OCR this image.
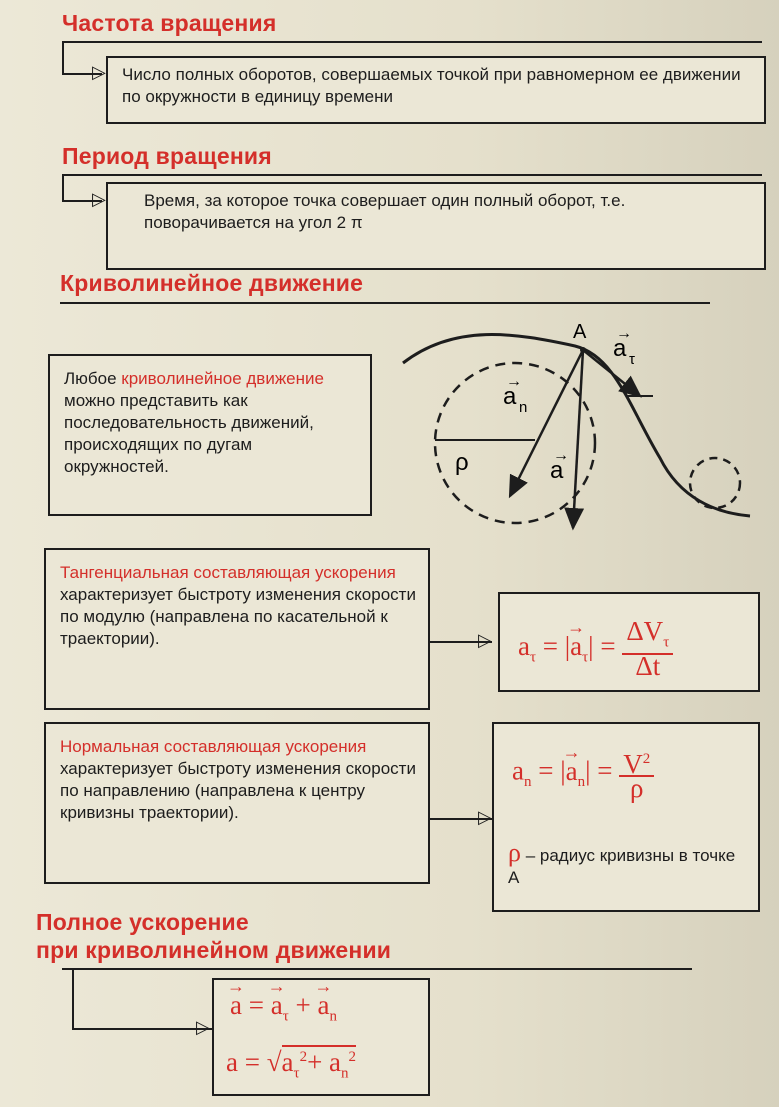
Частота вращения
▷ Число полных оборотов, совершаемых точкой при равномерном ее движении по окружности в единицу времени
Период вращения
▷	Время, за которое точка совершает один полный оборот, т.е. поворачивается на угол 2 π
Криволинейное движение
Любое криволинейное движение можно представить как последовательность движений, происходящих по дугам окружностей.
A
ρ
a n
a
a τ
→
→
→
Тангенциальная составляющая ускорения характеризует быстроту изменения скорости по модулю (направлена по касательной к траектории).	▷ $a_\tau$ = |→ $a_\tau| = \frac{\Delta V_\tau}{\Delta t}$
Нормальная составляющая ускорения характеризует быстроту изменения скорости по направлению (направлена к центру кривизны траектории).	▷
$a_n$ = |→ $a_n| = \frac{V^2}{\rho}$
ρ – радиус кривизны в точке A
Полное ускорение
при криволинейном движении
▷
→ a = → $a_\tau$ + → $a_n$
$a = √a_\tau^2+ a_n^2$
